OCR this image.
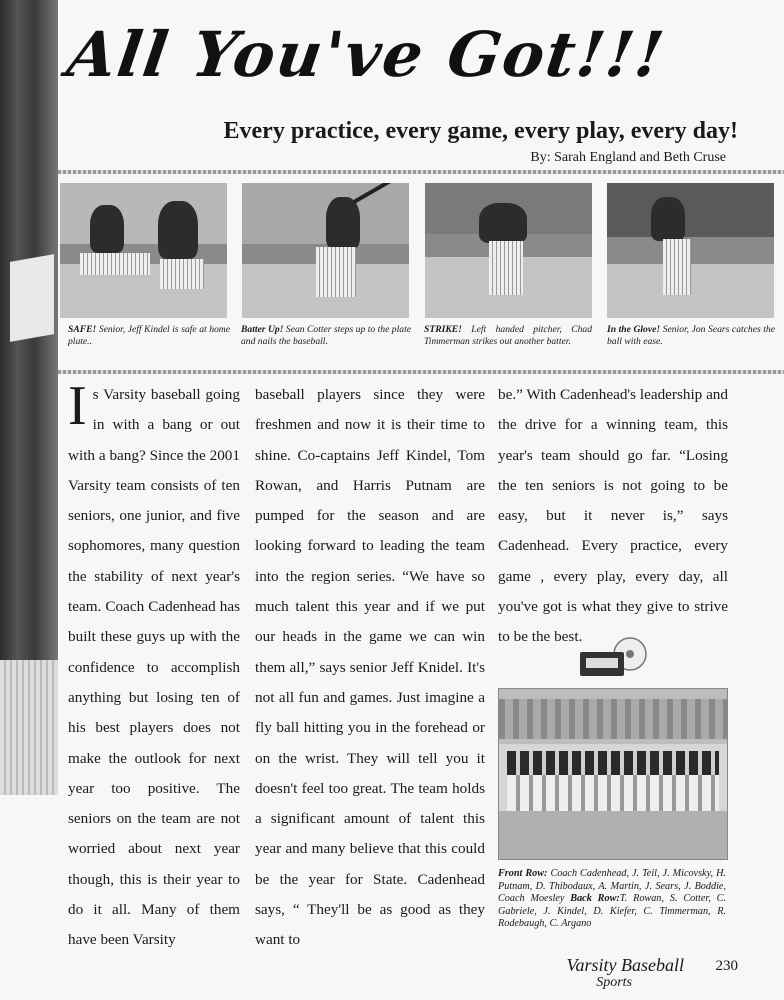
All You've Got!!!
Every practice, every game, every play, every day!
By: Sarah England and Beth Cruse
SAFE! Senior, Jeff Kindel is safe at home plate..
Batter Up! Sean Cotter steps up to the plate and nails the baseball.
STRIKE! Left handed pitcher, Chad Timmerman strikes out another batter.
In the Glove! Senior, Jon Sears catches the ball with ease.
I s Varsity baseball going in with a bang or out with a bang? Since the 2001 Varsity team consists of ten seniors, one junior, and five sophomores, many question the stability of next year's team. Coach Cadenhead has built these guys up with the confidence to accomplish anything but losing ten of his best players does not make the outlook for next year too positive. The seniors on the team are not worried about next year though, this is their year to do it all. Many of them have been Varsity

baseball players since they were freshmen and now it is their time to shine. Co-captains Jeff Kindel, Tom Rowan, and Harris Putnam are pumped for the season and are looking forward to leading the team into the region series. “We have so much talent this year and if we put our heads in the game we can win them all,” says senior Jeff Knidel. It's not all fun and games. Just imagine a fly ball hitting you in the forehead or on the wrist. They will tell you it doesn't feel too great. The team holds a significant amount of talent this year and many believe that this could be the year for State. Cadenhead says, “ They'll be as good as they want to

be.” With Cadenhead's leadership and the drive for a winning team, this year's team should go far. “Losing the ten seniors is not going to be easy, but it never is,” says Cadenhead. Every practice, every game , every play, every day, all you've got is what they give to strive to be the best.

Front Row: Coach Cadenhead, J. Teil, J. Micovsky, H. Putnam, D. Thibodaux, A. Martin, J. Sears, J. Boddie, Coach Moesley Back Row:T. Rowan, S. Cotter, C. Gabriele, J. Kindel, D. Kiefer, C. Timmerman, R. Rodebaugh, C. Argano
Varsity Baseball
Sports
230
